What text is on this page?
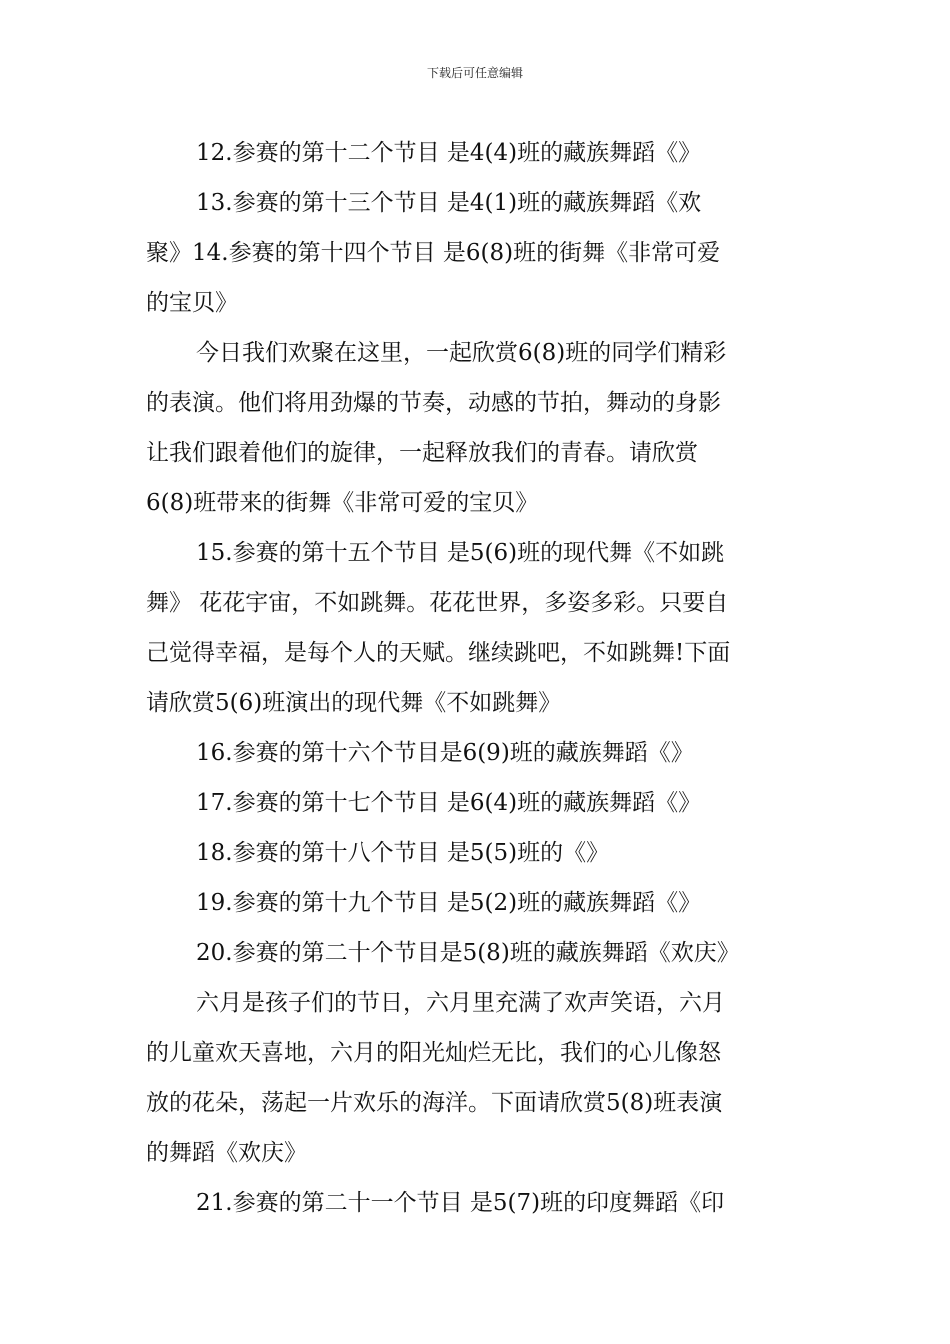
下载后可任意编辑
12.参赛的第十二个节目 是4(4)班的藏族舞蹈《》
13.参赛的第十三个节目 是4(1)班的藏族舞蹈《欢
聚》14.参赛的第十四个节目 是6(8)班的街舞《非常可爱
的宝贝》
今日我们欢聚在这里，一起欣赏6(8)班的同学们精彩
的表演。他们将用劲爆的节奏，动感的节拍，舞动的身影
让我们跟着他们的旋律，一起释放我们的青春。请欣赏
6(8)班带来的街舞《非常可爱的宝贝》
15.参赛的第十五个节目 是5(6)班的现代舞《不如跳
舞》 花花宇宙，不如跳舞。花花世界，多姿多彩。只要自
己觉得幸福，是每个人的天赋。继续跳吧，不如跳舞!下面
请欣赏5(6)班演出的现代舞《不如跳舞》
16.参赛的第十六个节目是6(9)班的藏族舞蹈《》
17.参赛的第十七个节目 是6(4)班的藏族舞蹈《》
18.参赛的第十八个节目 是5(5)班的《》
19.参赛的第十九个节目 是5(2)班的藏族舞蹈《》
20.参赛的第二十个节目是5(8)班的藏族舞蹈《欢庆》
六月是孩子们的节日，六月里充满了欢声笑语，六月
的儿童欢天喜地，六月的阳光灿烂无比，我们的心儿像怒
放的花朵，荡起一片欢乐的海洋。下面请欣赏5(8)班表演
的舞蹈《欢庆》
21.参赛的第二十一个节目 是5(7)班的印度舞蹈《印
